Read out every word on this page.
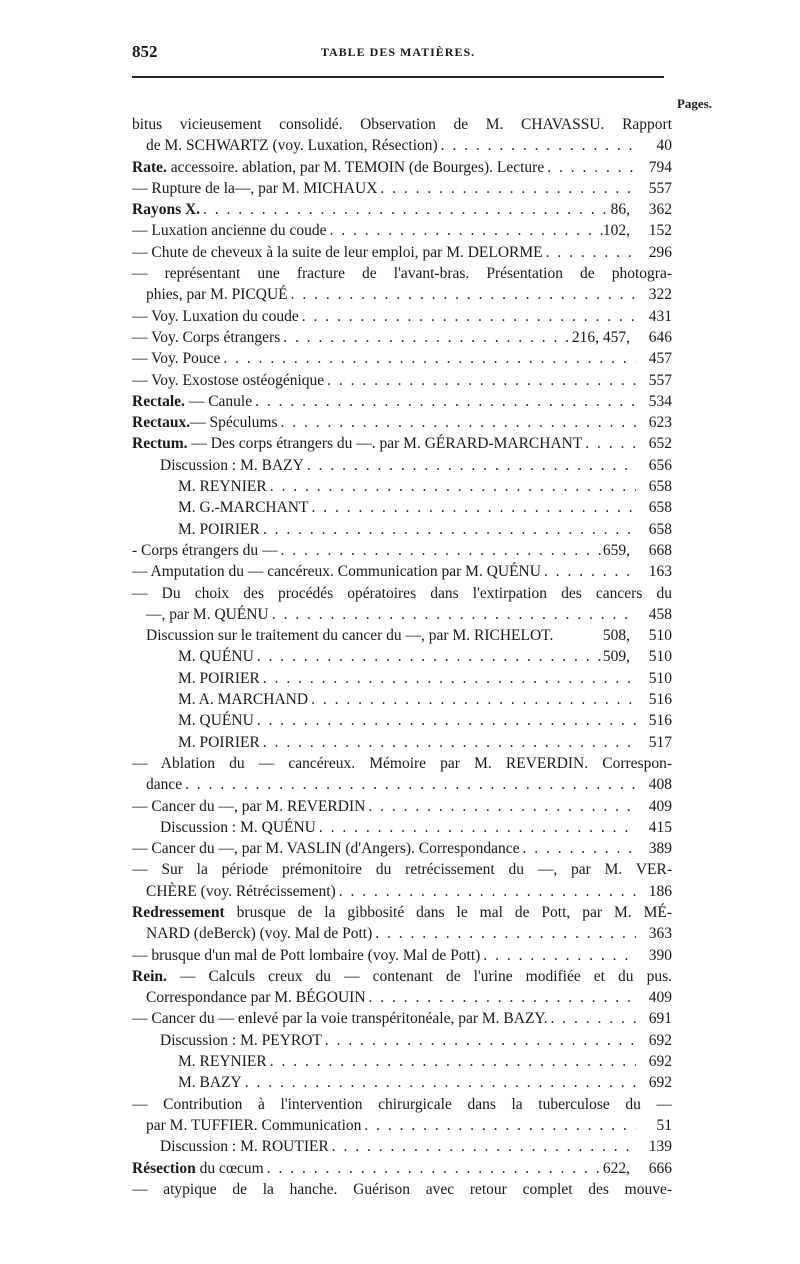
852	TABLE DES MATIÈRES.
Pages.
bitus vicieusement consolidé. Observation de M. CHAVASSU. Rapport
de M. SCHWARTZ (voy. Luxation, Résection) . . .	40
Rate. accessoire. ablation, par M. TEMOIN (de Bourges). Lecture . . .	794
— Rupture de la—, par M. MICHAUX . . .	557
Rayons X. . . .	86,	362
— Luxation ancienne du coude . . .	102,	152
— Chute de cheveux à la suite de leur emploi, par M. DELORME . . .	296
— représentant une fracture de l'avant-bras. Présentation de photogra-
phies, par M. PICQUÉ . . .	322
— Voy. Luxation du coude . . .	431
— Voy. Corps étrangers . . .	216, 457,	646
— Voy. Pouce . . .	457
— Voy. Exostose ostéogénique . . .	557
Rectale. — Canule . . .	534
Rectaux.— Spéculums . . .	623
Rectum. — Des corps étrangers du —. par M. GÉRARD-MARCHANT . . .	652
Discussion : M. BAZY . . .	656
M. REYNIER . . .	658
M. G.-MARCHANT . . .	658
M. POIRIER . . .	658
- Corps étrangers du — . . .	659,	668
— Amputation du — cancéreux. Communication par M. QUÉNU . . .	163
— Du choix des procédés opératoires dans l'extirpation des cancers du
—, par M. QUÉNU . . .	458
Discussion sur le traitement du cancer du —, par M. RICHELOT.	508,	510
M. QUÉNU . . .	509,	510
M. POIRIER . . .	510
M. A. MARCHAND . . .	516
M. QUÉNU . . .	516
M. POIRIER . . .	517
— Ablation du — cancéreux. Mémoire par M. REVERDIN. Correspon-
dance . . .	408
— Cancer du —, par M. REVERDIN . . .	409
Discussion : M. QUÉNU . . .	415
— Cancer du —, par M. VASLIN (d'Angers). Correspondance . . .	389
— Sur la période prémonitoire du retrécissement du —, par M. VER-
CHÈRE (voy. Rétrécissement) . . .	186
Redressement brusque de la gibbosité dans le mal de Pott, par M. MÉ-
NARD (deBerck) (voy. Mal de Pott) . . .	363
— brusque d'un mal de Pott lombaire (voy. Mal de Pott) . . .	390
Rein. — Calculs creux du — contenant de l'urine modifiée et du pus.
Correspondance par M. BÉGOUIN . . .	409
— Cancer du — enlevé par la voie transpéritonéale, par M. BAZY. . . .	691
Discussion : M. PEYROT . . .	692
M. REYNIER . . .	692
M. BAZY . . .	692
— Contribution à l'intervention chirurgicale dans la tuberculose du —
par M. TUFFIER. Communication . . .	51
Discussion : M. ROUTIER . . .	139
Résection du cœcum . . .	622,	666
— atypique de la hanche. Guérison avec retour complet des mouve-
